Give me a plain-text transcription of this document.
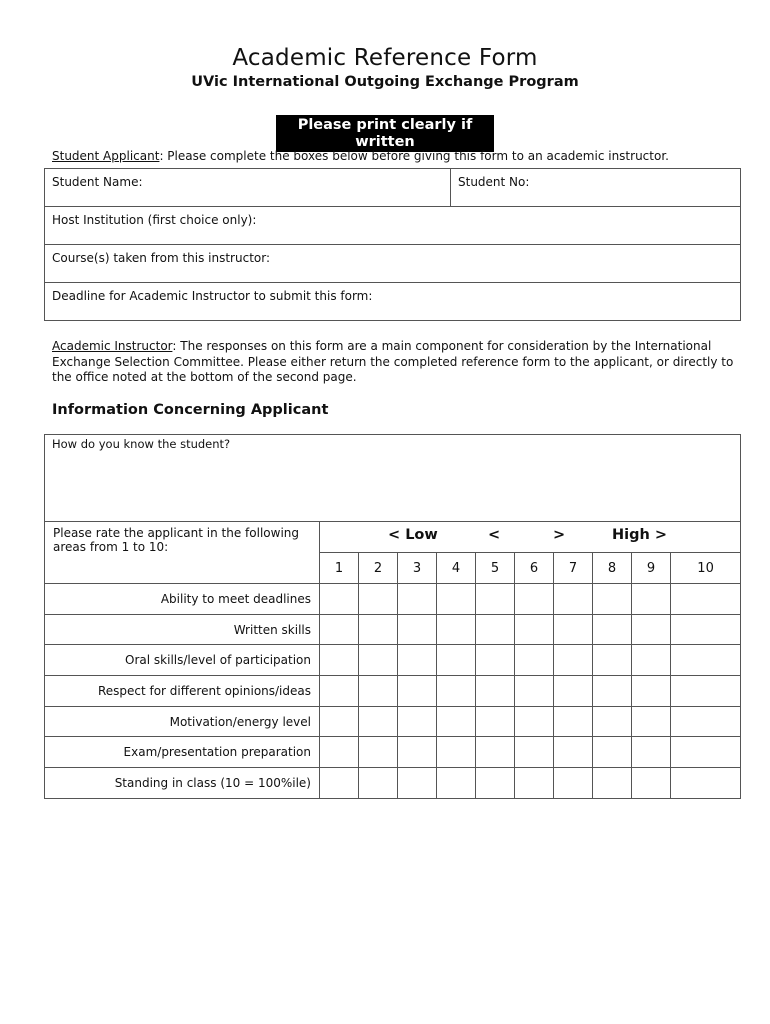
Academic Reference Form
UVic International Outgoing Exchange Program
Please print clearly if
written
Student Applicant: Please complete the boxes below before giving this form to an academic instructor.
Student Name:	Student No:
Host Institution (first choice only):
Course(s) taken from this instructor:
Deadline for Academic Instructor to submit this form:
Academic Instructor: The responses on this form are a main component for consideration by the International Exchange Selection Committee. Please either return the completed reference form to the applicant, or directly to the office noted at the bottom of the second page.
Information Concerning Applicant
How do you know the student?										
Please rate the applicant in the following areas from 1 to 10:	< Low < > High >									

	1	2	3	4	5	6	7	8	9	10
Ability to meet deadlines										
Written skills										
Oral skills/level of participation										
Respect for different opinions/ideas										
Motivation/energy level										
Exam/presentation preparation										
Standing in class (10 = 100%ile)										
